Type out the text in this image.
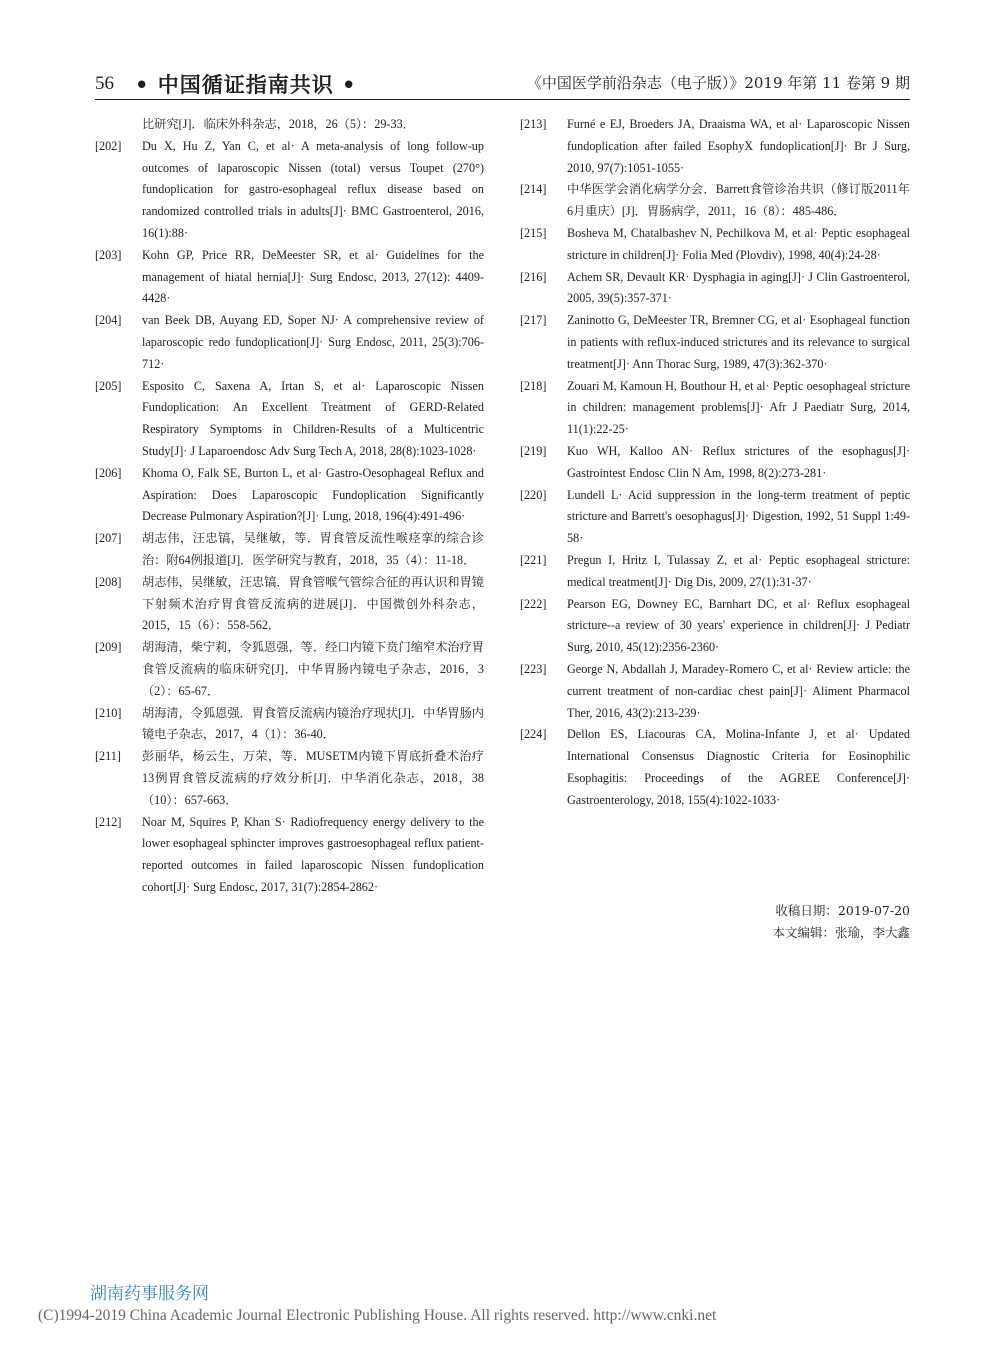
56 • 中国循证指南共识 •	《中国医学前沿杂志（电子版）》2019 年第 11 卷第 9 期
比研究[J]．临床外科杂志，2018，26（5）：29-33．
[202]	Du X, Hu Z, Yan C, et al· A meta-analysis of long follow-up outcomes of laparoscopic Nissen (total) versus Toupet (270°) fundoplication for gastro-esophageal reflux disease based on randomized controlled trials in adults[J]· BMC Gastroenterol, 2016, 16(1):88·
[203]	Kohn GP, Price RR, DeMeester SR, et al· Guidelines for the management of hiatal hernia[J]· Surg Endosc, 2013, 27(12): 4409-4428·
[204]	van Beek DB, Auyang ED, Soper NJ· A comprehensive review of laparoscopic redo fundoplication[J]· Surg Endosc, 2011, 25(3):706-712·
[205]	Esposito C, Saxena A, Irtan S, et al· Laparoscopic Nissen Fundoplication: An Excellent Treatment of GERD-Related Respiratory Symptoms in Children-Results of a Multicentric Study[J]· J Laparoendosc Adv Surg Tech A, 2018, 28(8):1023-1028·
[206]	Khoma O, Falk SE, Burton L, et al· Gastro-Oesophageal Reflux and Aspiration: Does Laparoscopic Fundoplication Significantly Decrease Pulmonary Aspiration?[J]· Lung, 2018, 196(4):491-496·
[207]	胡志伟，汪忠镐，吴继敏，等．胃食管反流性喉痉挛的综合诊治：附64例报道[J]．医学研究与教育，2018，35（4）：11-18．
[208]	胡志伟，吴继敏，汪忠镐．胃食管喉气管综合征的再认识和胃镜下射频术治疗胃食管反流病的进展[J]．中国微创外科杂志，2015，15（6）：558-562．
[209]	胡海清，柴宁莉，令狐恩强，等．经口内镜下贲门缩窄术治疗胃食管反流病的临床研究[J]．中华胃肠内镜电子杂志，2016，3（2）：65-67．
[210]	胡海清，令狐恩强．胃食管反流病内镜治疗现状[J]．中华胃肠内镜电子杂志，2017，4（1）：36-40．
[211]	彭丽华，杨云生，万荣，等．MUSETM内镜下胃底折叠术治疗13例胃食管反流病的疗效分析[J]．中华消化杂志，2018，38（10）：657-663．
[212]	Noar M, Squires P, Khan S· Radiofrequency energy delivery to the lower esophageal sphincter improves gastroesophageal reflux patient-reported outcomes in failed laparoscopic Nissen fundoplication cohort[J]· Surg Endosc, 2017, 31(7):2854-2862·
[213]	Furné e EJ, Broeders JA, Draaisma WA, et al· Laparoscopic Nissen fundoplication after failed EsophyX fundoplication[J]· Br J Surg, 2010, 97(7):1051-1055·
[214]	中华医学会消化病学分会．Barrett食管诊治共识（修订版2011年6月重庆）[J]．胃肠病学，2011，16（8）：485-486．
[215]	Bosheva M, Chatalbashev N, Pechilkova M, et al· Peptic esophageal stricture in children[J]· Folia Med (Plovdiv), 1998, 40(4):24-28·
[216]	Achem SR, Devault KR· Dysphagia in aging[J]· J Clin Gastroenterol, 2005, 39(5):357-371·
[217]	Zaninotto G, DeMeester TR, Bremner CG, et al· Esophageal function in patients with reflux-induced strictures and its relevance to surgical treatment[J]· Ann Thorac Surg, 1989, 47(3):362-370·
[218]	Zouari M, Kamoun H, Bouthour H, et al· Peptic oesophageal stricture in children: management problems[J]· Afr J Paediatr Surg, 2014, 11(1):22-25·
[219]	Kuo WH, Kalloo AN· Reflux strictures of the esophagus[J]· Gastrointest Endosc Clin N Am, 1998, 8(2):273-281·
[220]	Lundell L· Acid suppression in the long-term treatment of peptic stricture and Barrett's oesophagus[J]· Digestion, 1992, 51 Suppl 1:49-58·
[221]	Pregun I, Hritz I, Tulassay Z, et al· Peptic esophageal stricture: medical treatment[J]· Dig Dis, 2009, 27(1):31-37·
[222]	Pearson EG, Downey EC, Barnhart DC, et al· Reflux esophageal stricture--a review of 30 years' experience in children[J]· J Pediatr Surg, 2010, 45(12):2356-2360·
[223]	George N, Abdallah J, Maradey-Romero C, et al· Review article: the current treatment of non-cardiac chest pain[J]· Aliment Pharmacol Ther, 2016, 43(2):213-239·
[224]	Dellon ES, Liacouras CA, Molina-Infante J, et al· Updated International Consensus Diagnostic Criteria for Eosinophilic Esophagitis: Proceedings of the AGREE Conference[J]· Gastroenterology, 2018, 155(4):1022-1033·
收稿日期：2019-07-20
本文编辑：张瑜，李大鑫
湖南药事服务网
(C)1994-2019 China Academic Journal Electronic Publishing House. All rights reserved. http://www.cnki.net
